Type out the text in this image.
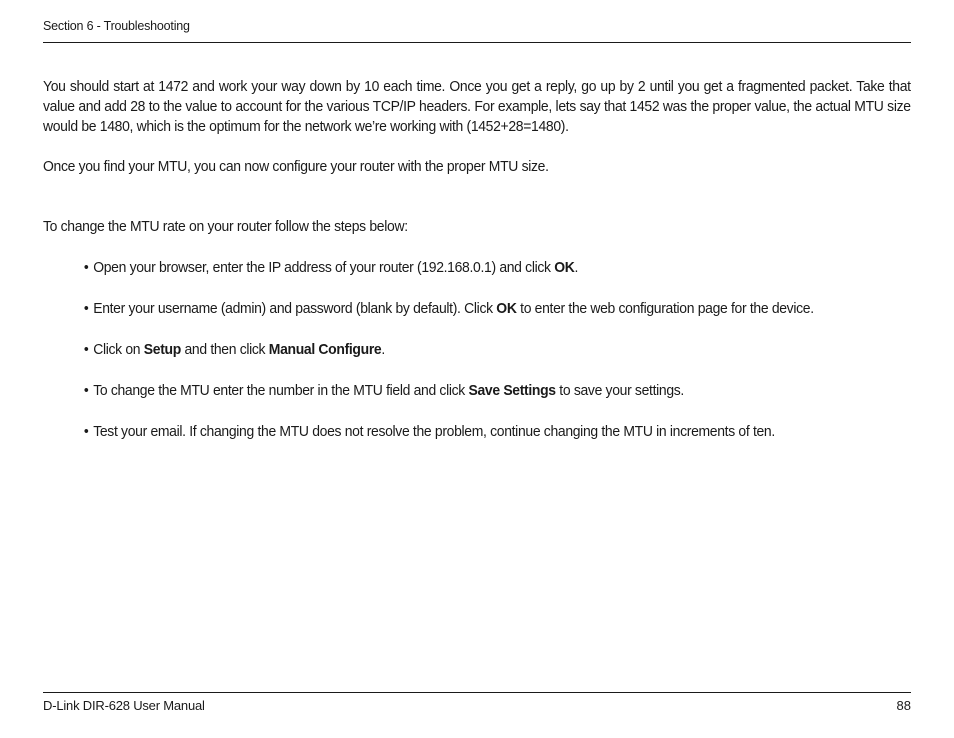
Section 6 - Troubleshooting

You should start at 1472 and work your way down by 10 each time. Once you get a reply, go up by 2 until you get a fragmented packet. Take that value and add 28 to the value to account for the various TCP/IP headers. For example, lets say that 1452 was the proper value, the actual MTU size would be 1480, which is the optimum for the network we’re working with (1452+28=1480).

Once you find your MTU, you can now configure your router with the proper MTU size.

To change the MTU rate on your router follow the steps below:

• Open your browser, enter the IP address of your router (192.168.0.1) and click OK.
• Enter your username (admin) and password (blank by default). Click OK to enter the web configuration page for the device.
• Click on Setup and then click Manual Configure.
• To change the MTU enter the number in the MTU field and click Save Settings to save your settings.
• Test your email. If changing the MTU does not resolve the problem, continue changing the MTU in increments of ten.
D-Link DIR-628 User Manual	88
